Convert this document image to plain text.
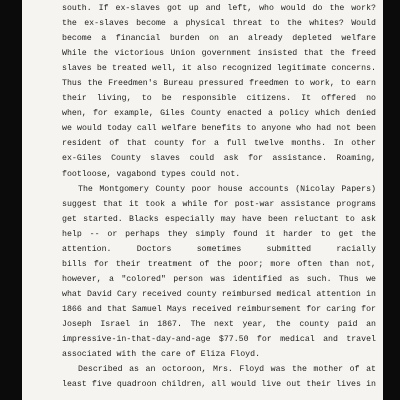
south. If ex-slaves got up and left, who would do the work?
the ex-slaves become a physical threat to the whites? Would
become a financial burden on an already depleted welfare
While the victorious Union government insisted that the freed
slaves be treated well, it also recognized legitimate concerns.
Thus the Freedmen's Bureau pressured freedmen to work, to earn
their living, to be responsible citizens. It offered no
when, for example, Giles County enacted a policy which denied
we would today call welfare benefits to anyone who had not been
resident of that county for a full twelve months. In other
ex-Giles County slaves could ask for assistance. Roaming,
footloose, vagabond types could not.
The Montgomery County poor house accounts (Nicolay Papers)
suggest that it took a while for post-war assistance programs
get started. Blacks especially may have been reluctant to ask
help -- or perhaps they simply found it harder to get the
attention. Doctors sometimes submitted racially
bills for their treatment of the poor; more often than not,
however, a "colored" person was identified as such. Thus we
what David Cary received county reimbursed medical attention in
1866 and that Samuel Mays received reimbursement for caring for
Joseph Israel in 1867. The next year, the county paid an
impressive-in-that-day-and-age $77.50 for medical and travel
associated with the care of Eliza Floyd.
Described as an octoroon, Mrs. Floyd was the mother of at
least five quadroon children, all would live out their lives in
